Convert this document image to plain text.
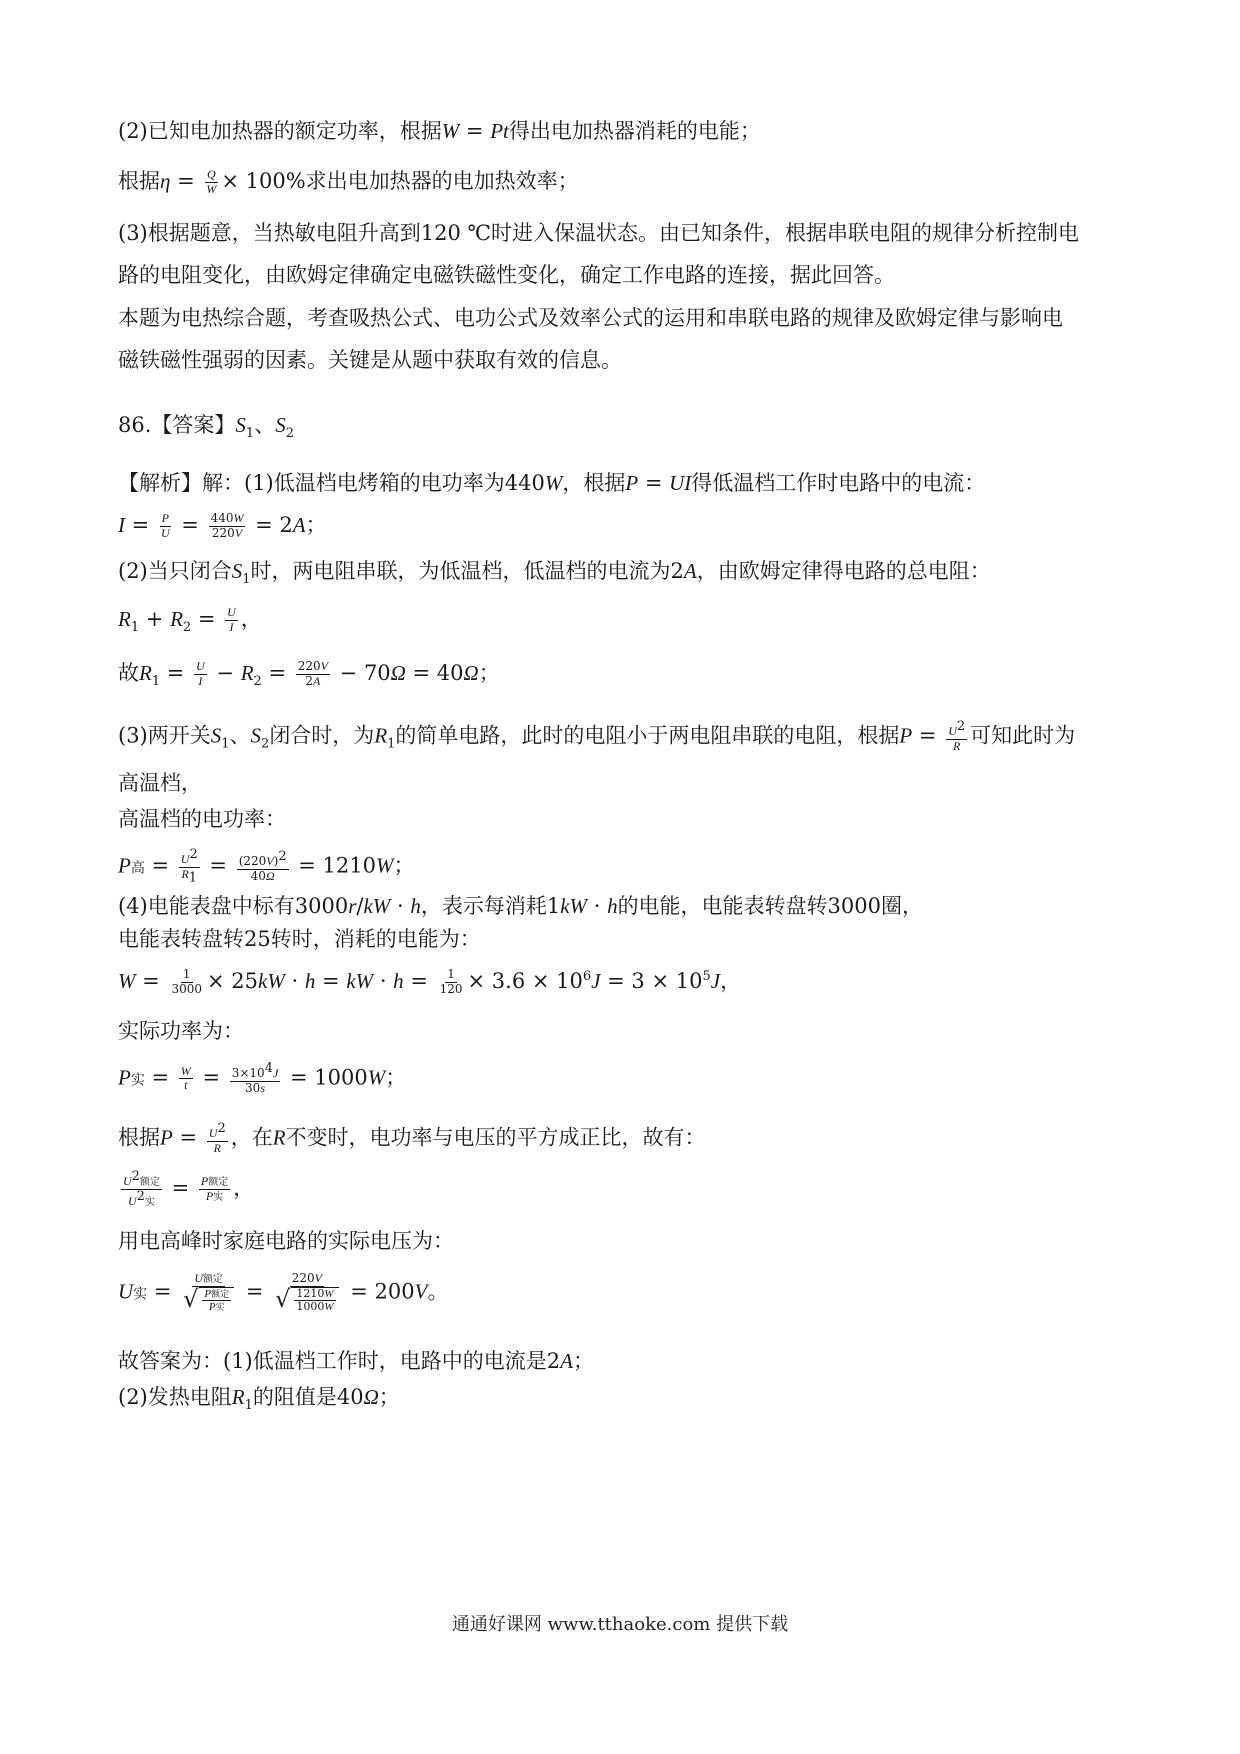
(2)已知电加热器的额定功率，根据W = Pt得出电加热器消耗的电能；
根据$\eta = \frac{Q}{W} \times 100\%$求出电加热器的电加热效率；
(3)根据题意，当热敏电阻升高到120 ℃时进入保温状态。由已知条件，根据串联电阻的规律分析控制电
路的电阻变化，由欧姆定律确定电磁铁磁性变化，确定工作电路的连接，据此回答。
本题为电热综合题，考查吸热公式、电功公式及效率公式的运用和串联电路的规律及欧姆定律与影响电
磁铁磁性强弱的因素。关键是从题中获取有效的信息。
86.【答案】$S_1$、$S_2$
【解析】解：(1)低温档电烤箱的电功率为440W，根据P = UI得低温档工作时电路中的电流：
$I = \frac{P}{U} = \frac{440W}{220V} = 2A$；
(2)当只闭合$S_1$时，两电阻串联，为低温档，低温档的电流为2A，由欧姆定律得电路的总电阻：
$R_1 + R_2 = \frac{U}{I}$ ，
故$R_1 = \frac{U}{I} - R_2 = \frac{220V}{2A} - 70\Omega = 40\Omega$；
(3)两开关$S_1$、$S_2$闭合时，为$R_1$的简单电路，此时的电阻小于两电阻串联的电阻，根据$P = \frac{U^2}{R}$ 可知此时为
高温档，
高温档的电功率：
P高 = $\frac{U^2}{R_1} = \frac{(220V)^2}{40\Omega} = 1210W$；
(4)电能表盘中标有3000r/kW · h，表示每消耗1kW · h的电能，电能表转盘转3000圈，
电能表转盘转25转时，消耗的电能为：
$W = \frac{1}{3000} \times 25kW \cdot h$ = kW · $h = \frac{1}{120} \times 3.6 \times 10^6J = 3 \times 10^5J$，
实际功率为：
P实 = $\frac{W}{t} = \frac{3\times 10^4J}{30s} = 1000W$；
根据$P = \frac{U^2}{R}$ ，在R不变时，电功率与电压的平方成正比，故有：
$\frac{U^2额定}{U^2实} = \frac{\text{P额定}}{\text{P实}}$ ，
用电高峰时家庭电路的实际电压为：
U实 = $\frac{\text{U额定}}{√ \frac{\text{P额定}}{\text{P实}}} = \frac{220V}{√ \frac{1210W}{1000W}} = 200V$。
故答案为：(1)低温档工作时，电路中的电流是2A；
(2)发热电阻$R_1$的阻值是40Ω；
通通好课网 www.tthaoke.com 提供下载
